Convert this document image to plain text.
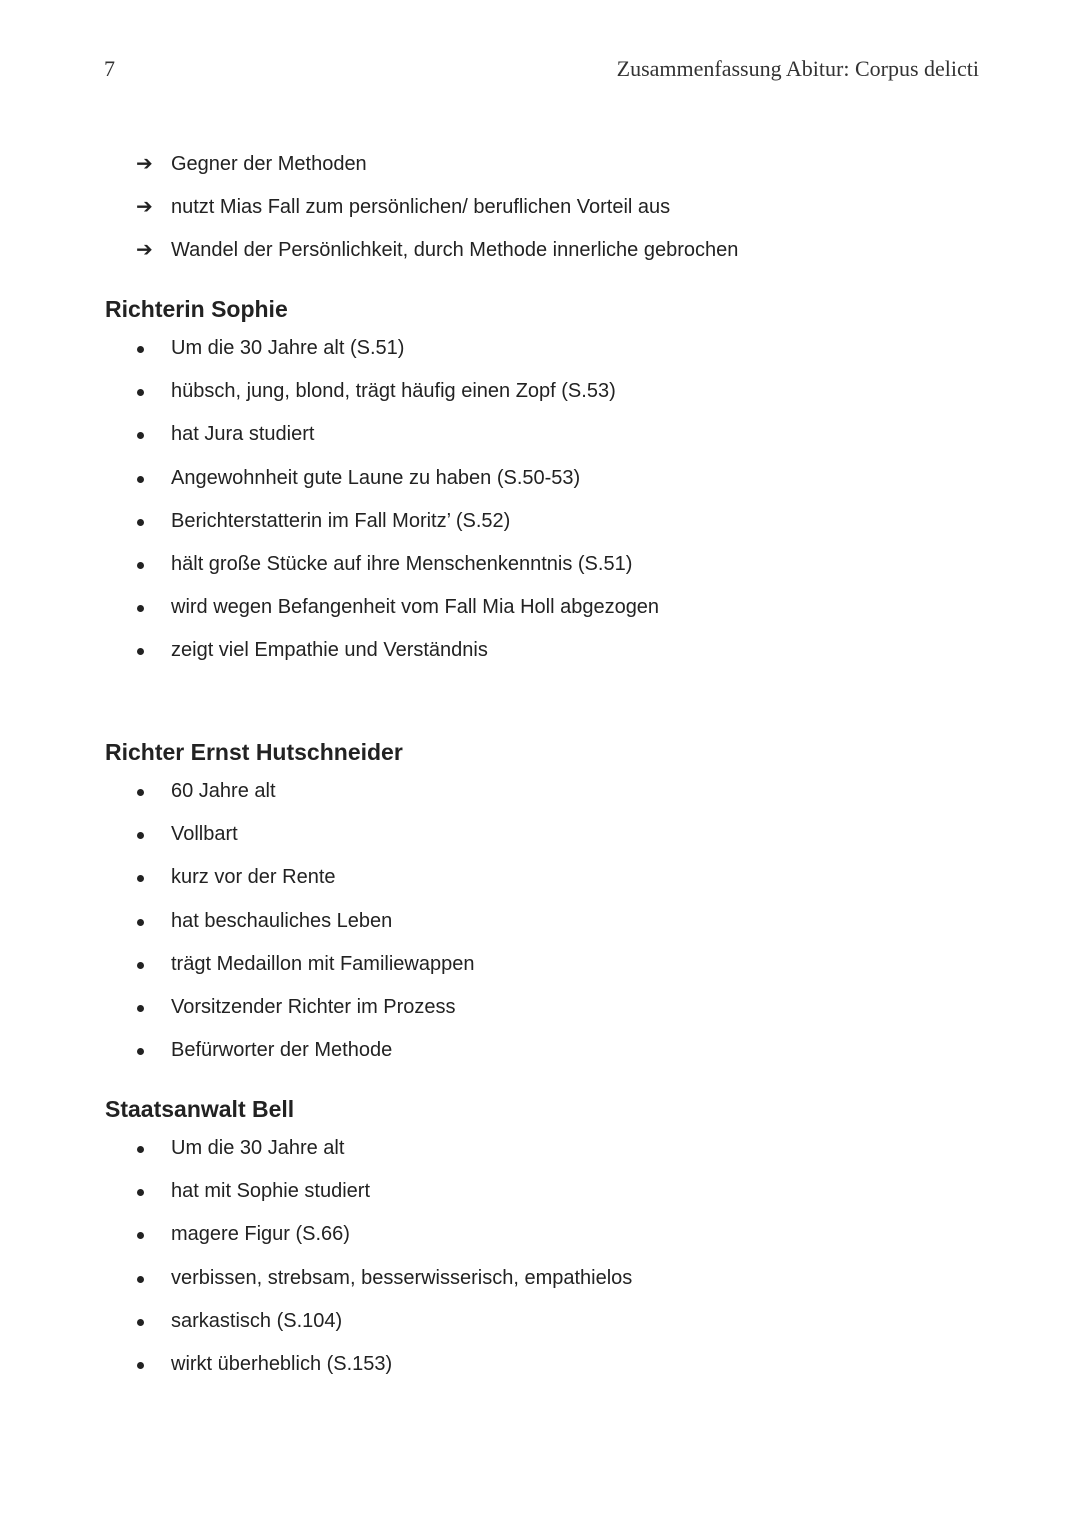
7	Zusammenfassung Abitur: Corpus delicti
➔ Gegner der Methoden
➔ nutzt Mias Fall zum persönlichen/ beruflichen Vorteil aus
➔ Wandel der Persönlichkeit, durch Methode innerliche gebrochen
Richterin Sophie
Um die 30 Jahre alt (S.51)
hübsch, jung, blond, trägt häufig einen Zopf (S.53)
hat Jura studiert
Angewohnheit gute Laune zu haben (S.50-53)
Berichterstatterin im Fall Moritz’ (S.52)
hält große Stücke auf ihre Menschenkenntnis (S.51)
wird wegen Befangenheit vom Fall Mia Holl abgezogen
zeigt viel Empathie und Verständnis
Richter Ernst Hutschneider
60 Jahre alt
Vollbart
kurz vor der Rente
hat beschauliches Leben
trägt Medaillon mit Familiewappen
Vorsitzender Richter im Prozess
Befürworter der Methode
Staatsanwalt Bell
Um die 30 Jahre alt
hat mit Sophie studiert
magere Figur (S.66)
verbissen, strebsam, besserwisserisch, empathielos
sarkastisch (S.104)
wirkt überheblich (S.153)
